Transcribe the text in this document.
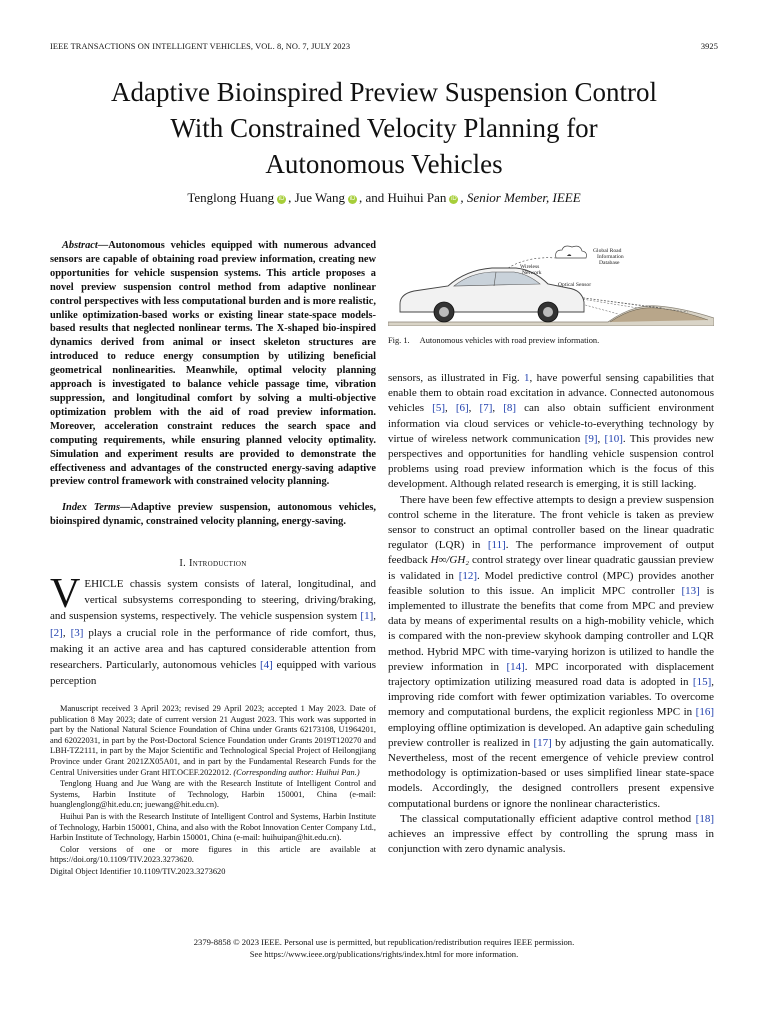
IEEE TRANSACTIONS ON INTELLIGENT VEHICLES, VOL. 8, NO. 7, JULY 2023	3925
Adaptive Bioinspired Preview Suspension Control
With Constrained Velocity Planning for
Autonomous Vehicles
Tenglong Huang iD , Jue Wang iD , and Huihui Pan iD , Senior Member, IEEE

Abstract—Autonomous vehicles equipped with numerous advanced sensors are capable of obtaining road preview information, creating new opportunities for vehicle suspension systems. This article proposes a novel preview suspension control method from adaptive nonlinear control perspectives with less computational burden and is more realistic, unlike optimization-based works or existing linear state-space models-based results that neglected nonlinear terms. The X-shaped bio-inspired dynamics derived from animal or insect skeleton structures are introduced to reduce energy consumption by utilizing beneficial geometrical nonlinearities. Meanwhile, optimal velocity planning approach is investigated to balance vehicle passage time, vibration suppression, and longitudinal comfort by solving a multi-objective optimization problem with the aid of road preview information. Moreover, acceleration constraint reduces the search space and computing requirements, while ensuring planned velocity optimality. Simulation and experiment results are provided to demonstrate the effectiveness and advantages of the constructed energy-saving adaptive preview control framework with constrained velocity planning.

Index Terms—Adaptive preview suspension, autonomous vehicles, bioinspired dynamic, constrained velocity planning, energy-saving.

I. Introduction

VEHICLE chassis system consists of lateral, longitudinal, and vertical subsystems corresponding to steering, driving/braking, and suspension systems, respectively. The vehicle suspension system [1], [2], [3] plays a crucial role in the performance of ride comfort, thus, making it an active area and has captured considerable attention from researchers. Particularly, autonomous vehicles [4] equipped with various perception

Manuscript received 3 April 2023; revised 29 April 2023; accepted 1 May 2023. Date of publication 8 May 2023; date of current version 21 August 2023. This work was supported in part by the National Natural Science Foundation of China under Grants 62173108, U1964201, and 62022031, in part by the Post-Doctoral Science Foundation under Grants 2019T120270 and LBH-TZ2111, in part by the Major Scientific and Technological Special Project of Heilongjiang Province under Grant 2021ZX05A01, and in part by the Fundamental Research Funds for the Central Universities under Grant HIT.OCEF.2022012. (Corresponding author: Huihui Pan.)

Tenglong Huang and Jue Wang are with the Research Institute of Intelligent Control and Systems, Harbin Institute of Technology, Harbin 150001, China (e-mail: huanglenglong@hit.edu.cn; juewang@hit.edu.cn).

Huihui Pan is with the Research Institute of Intelligent Control and Systems, Harbin Institute of Technology, Harbin 150001, China, and also with the Robot Innovation Center Company Ltd., Harbin Institute of Technology, Harbin 150001, China (e-mail: huihuipan@hit.edu.cn).

Color versions of one or more figures in this article are available at https://doi.org/10.1109/TIV.2023.3273620.

Digital Object Identifier 10.1109/TIV.2023.3273620

☁
Global Road
Information
Database
Wireless
Network
Optical Sensor
Fig. 1. Autonomous vehicles with road preview information.

sensors, as illustrated in Fig. 1, have powerful sensing capabilities that enable them to obtain road excitation in advance. Connected autonomous vehicles [5], [6], [7], [8] can also obtain sufficient environment information via cloud services or vehicle-to-everything technology by virtue of wireless network communication [9], [10]. This provides new perspectives and opportunities for handling vehicle suspension control problems using road preview information which is the focus of this development. Although related research is emerging, it is still lacking.

There have been few effective attempts to design a preview suspension control scheme in the literature. The front vehicle is taken as preview sensor to construct an optimal controller based on the linear quadratic regulator (LQR) in [11]. The performance improvement of output feedback H∞/GH₂ control strategy over linear quadratic gaussian preview is validated in [12]. Model predictive control (MPC) provides another feasible solution to this issue. An implicit MPC controller [13] is implemented to illustrate the benefits that come from MPC and preview data by means of experimental results on a high-mobility vehicle, which is compared with the non-preview skyhook damping controller and LQR method. Hybrid MPC with time-varying horizon is utilized to handle the preview information in [14]. MPC incorporated with displacement trajectory optimization utilizing measured road data is adopted in [15], improving ride comfort with fewer optimization variables. To overcome memory and computational burdens, the explicit regionless MPC in [16] employing offline optimization is developed. An adaptive gain scheduling preview controller is realized in [17] by adjusting the gain automatically. Nevertheless, most of the recent emergence of vehicle preview control methodology is optimization-based or uses simplified linear state-space models. Accordingly, the designed controllers present expensive computational burdens or ignore the nonlinear characteristics.

The classical computationally efficient adaptive control method [18] achieves an impressive effect by controlling the sprung mass in conjunction with zero dynamic analysis.

2379-8858 © 2023 IEEE. Personal use is permitted, but republication/redistribution requires IEEE permission.
See https://www.ieee.org/publications/rights/index.html for more information.
